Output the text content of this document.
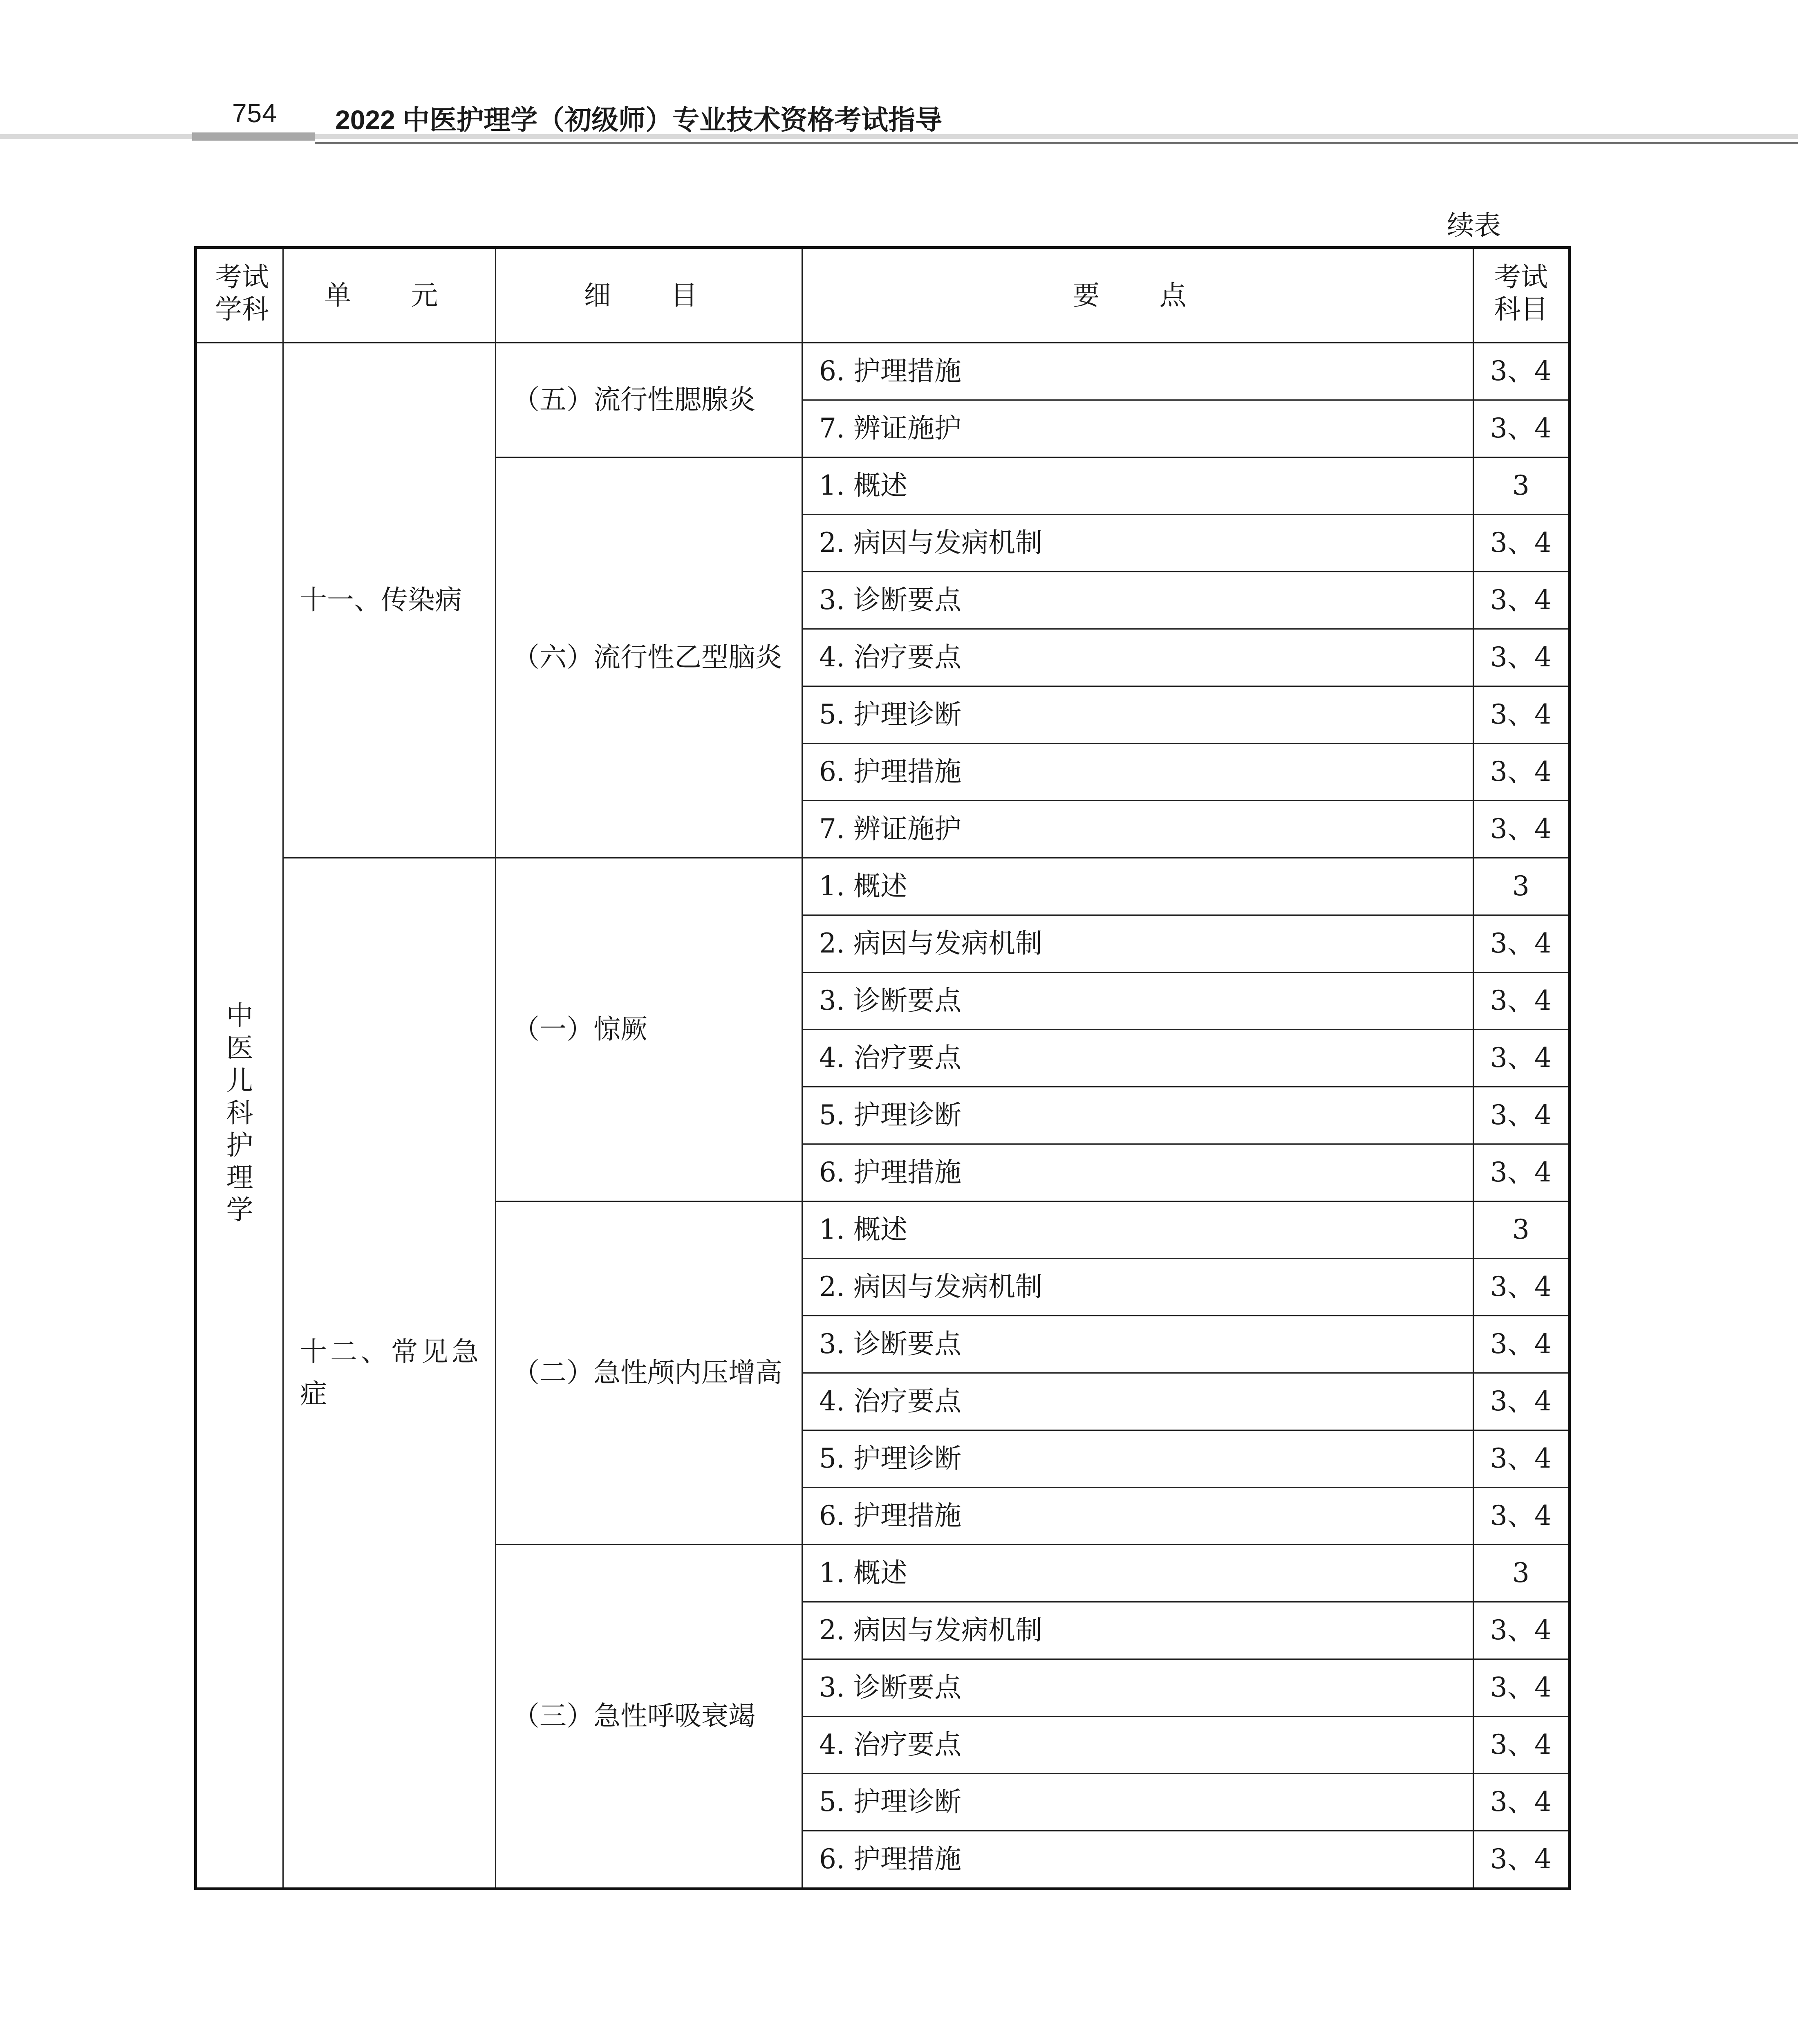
754 2022 中医护理学（初级师）专业技术资格考试指导
续表
考试学科	单　元	细　目	要　点	考试科目
中医儿科护理学	十一、传染病	（五）流行性腮腺炎	6. 护理措施	3、4
			7. 辨证施护	3、4
		（六）流行性乙型脑炎	1. 概述	3
			2. 病因与发病机制	3、4
			3. 诊断要点	3、4
			4. 治疗要点	3、4
			5. 护理诊断	3、4
			6. 护理措施	3、4
			7. 辨证施护	3、4
	十二、常见急症	（一）惊厥	1. 概述	3
			2. 病因与发病机制	3、4
			3. 诊断要点	3、4
			4. 治疗要点	3、4
			5. 护理诊断	3、4
			6. 护理措施	3、4
		（二）急性颅内压增高	1. 概述	3
			2. 病因与发病机制	3、4
			3. 诊断要点	3、4
			4. 治疗要点	3、4
			5. 护理诊断	3、4
			6. 护理措施	3、4
		（三）急性呼吸衰竭	1. 概述	3
			2. 病因与发病机制	3、4
			3. 诊断要点	3、4
			4. 治疗要点	3、4
			5. 护理诊断	3、4
			6. 护理措施	3、4
